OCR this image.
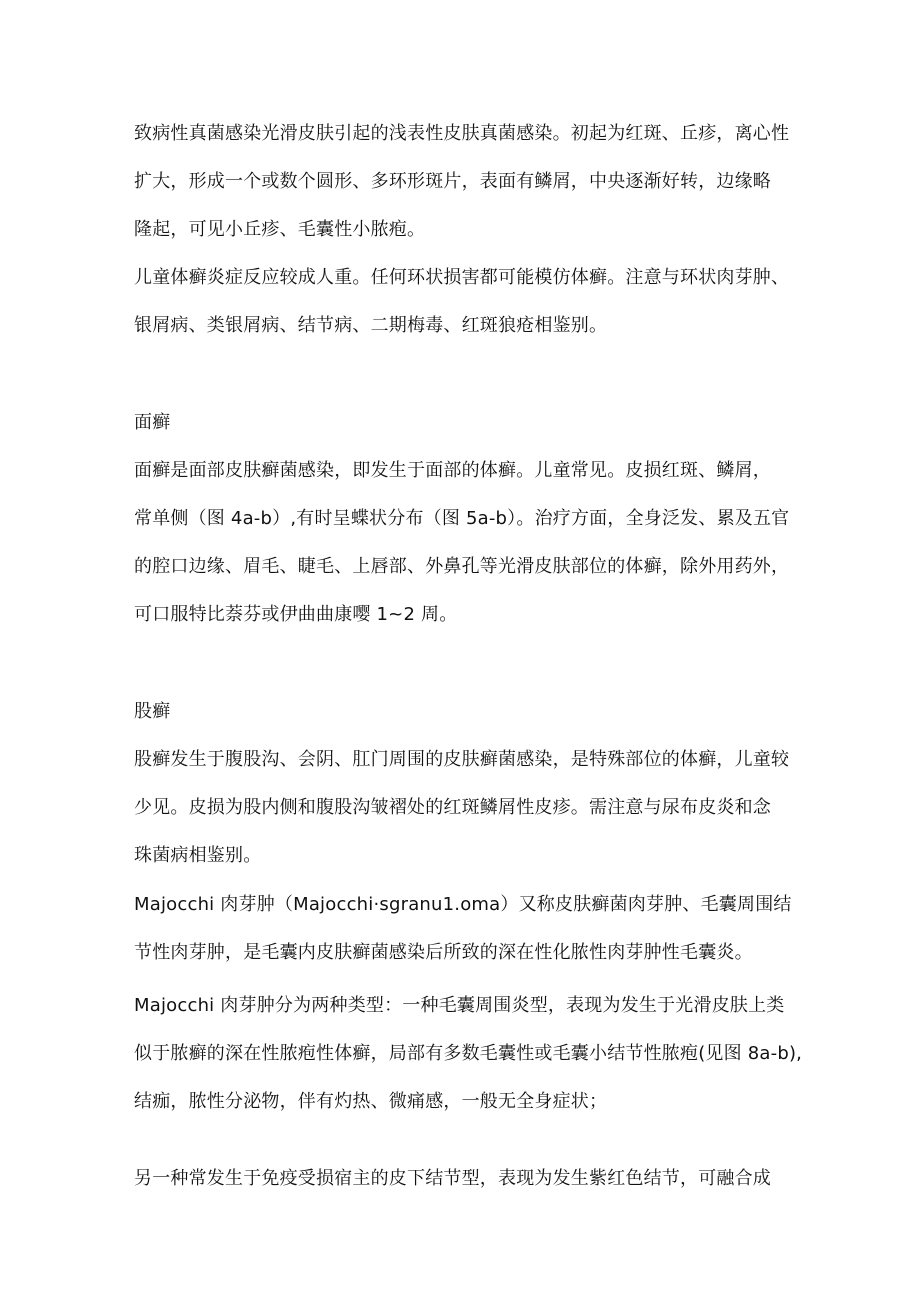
致病性真菌感染光滑皮肤引起的浅表性皮肤真菌感染。初起为红斑、丘疹，离心性
扩大，形成一个或数个圆形、多环形斑片，表面有鳞屑，中央逐渐好转，边缘略
隆起，可见小丘疹、毛囊性小脓疱。
儿童体癣炎症反应较成人重。任何环状损害都可能模仿体癣。注意与环状肉芽肿、
银屑病、类银屑病、结节病、二期梅毒、红斑狼疮相鉴别。
面癣
面癣是面部皮肤癣菌感染，即发生于面部的体癣。儿童常见。皮损红斑、鳞屑，
常单侧（图 4a-b）,有时呈蝶状分布（图 5a-b）。治疗方面，全身泛发、累及五官
的腔口边缘、眉毛、睫毛、上唇部、外鼻孔等光滑皮肤部位的体癣，除外用药外，
可口服特比萘芬或伊曲曲康嘤 1~2 周。
股癣
股癣发生于腹股沟、会阴、肛门周围的皮肤癣菌感染，是特殊部位的体癣，儿童较
少见。皮损为股内侧和腹股沟皱褶处的红斑鳞屑性皮疹。需注意与尿布皮炎和念
珠菌病相鉴别。
Majocchi 肉芽肿（Majocchi·sgranu1.oma）又称皮肤癣菌肉芽肿、毛囊周围结
节性肉芽肿，是毛囊内皮肤癣菌感染后所致的深在性化脓性肉芽肿性毛囊炎。
Majocchi 肉芽肿分为两种类型：一种毛囊周围炎型，表现为发生于光滑皮肤上类
似于脓癣的深在性脓疱性体癣，局部有多数毛囊性或毛囊小结节性脓疱(见图 8a-b),
结痂，脓性分泌物，伴有灼热、微痛感，一般无全身症状；
另一种常发生于免疫受损宿主的皮下结节型，表现为发生紫红色结节，可融合成
